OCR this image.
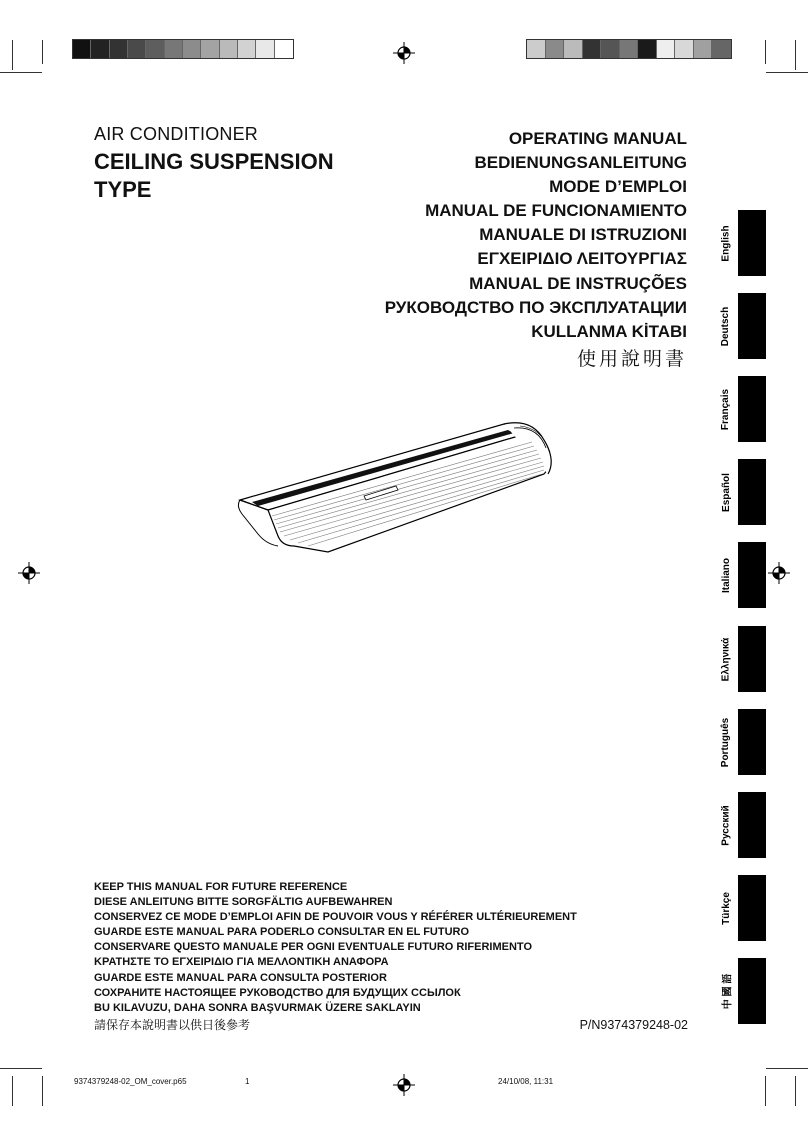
AIR CONDITIONER
CEILING SUSPENSION
TYPE
OPERATING MANUAL
BEDIENUNGSANLEITUNG
MODE D’EMPLOI
MANUAL DE FUNCIONAMIENTO
MANUALE DI ISTRUZIONI
ΕΓΧΕΙΡΙΔΙΟ ΛΕΙΤΟΥΡΓΙΑΣ
MANUAL DE INSTRUÇÕES
РУКОВОДСТВО ПО ЭКСПЛУАТАЦИИ
KULLANMA KİTABI
使用說明書
English
Deutsch
Français
Español
Italiano
Ελληνικά
Português
Русский
Türkçe
中 國 語
KEEP THIS MANUAL FOR FUTURE REFERENCE
DIESE ANLEITUNG BITTE SORGFÄLTIG AUFBEWAHREN
CONSERVEZ CE MODE D’EMPLOI AFIN DE POUVOIR VOUS Y RÉFÉRER ULTÉRIEUREMENT
GUARDE ESTE MANUAL PARA PODERLO CONSULTAR EN EL FUTURO
CONSERVARE QUESTO MANUALE PER OGNI EVENTUALE FUTURO RIFERIMENTO
ΚΡΑΤΗΣΤΕ ΤΟ ΕΓΧΕΙΡΙΔΙΟ ΓΙΑ ΜΕΛΛΟΝΤΙΚΗ ΑΝΑΦΟΡΑ
GUARDE ESTE MANUAL PARA CONSULTA POSTERIOR
СОХРАНИТЕ НАСТОЯЩЕЕ РУКОВОДСТВО ДЛЯ БУДУЩИХ ССЫЛОК
BU KILAVUZU, DAHA SONRA BAŞVURMAK ÜZERE SAKLAYIN
請保存本說明書以供日後參考	P/N9374379248-02
9374379248-02_OM_cover.p65	1	24/10/08, 11:31
